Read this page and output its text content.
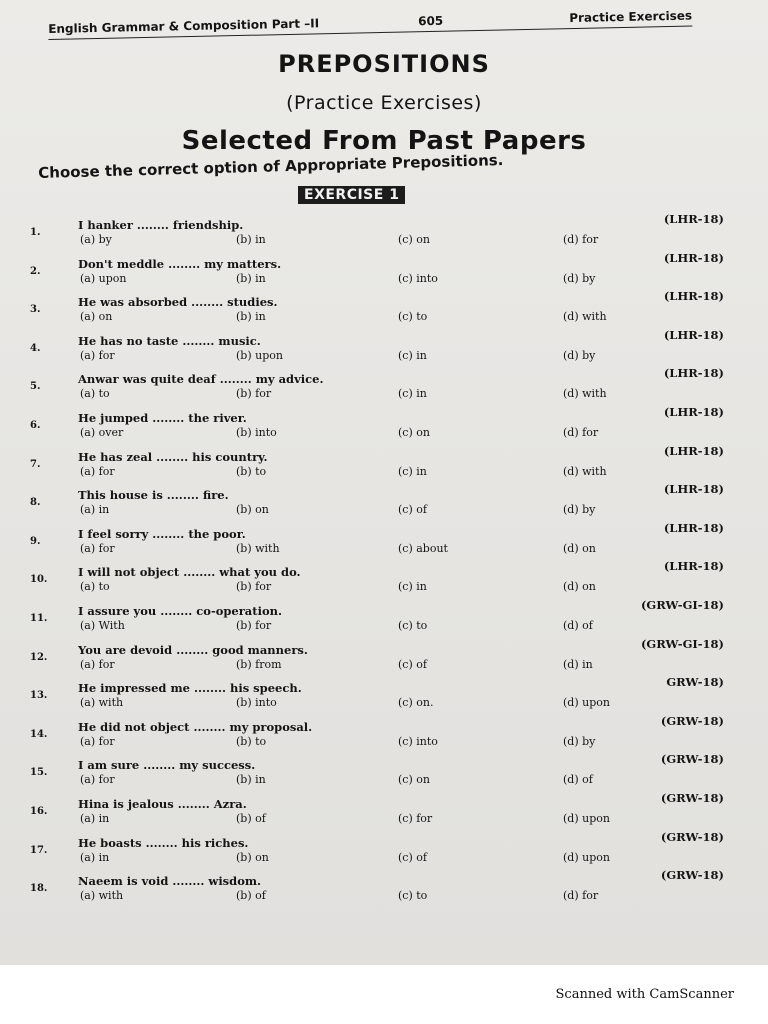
English Grammar & Composition Part –II	605	Practice Exercises
PREPOSITIONS
(Practice Exercises)
Selected From Past Papers
Choose the correct option of Appropriate Prepositions.
EXERCISE 1
1.
I hanker ........ friendship.
(a) by	(b) in	(c) on	(d) for
(LHR-18)
2.
Don't meddle ........ my matters.
(a) upon	(b) in	(c) into	(d) by
(LHR-18)
3.
He was absorbed ........ studies.
(a) on	(b) in	(c) to	(d) with
(LHR-18)
4.
He has no taste ........ music.
(a) for	(b) upon	(c) in	(d) by
(LHR-18)
5.
Anwar was quite deaf ........ my advice.
(a) to	(b) for	(c) in	(d) with
(LHR-18)
6.
He jumped ........ the river.
(a) over	(b) into	(c) on	(d) for
(LHR-18)
7.
He has zeal ........ his country.
(a) for	(b) to	(c) in	(d) with
(LHR-18)
8.
This house is ........ fire.
(a) in	(b) on	(c) of	(d) by
(LHR-18)
9.
I feel sorry ........ the poor.
(a) for	(b) with	(c) about	(d) on
(LHR-18)
10.
I will not object ........ what you do.
(a) to	(b) for	(c) in	(d) on
(LHR-18)
11.
I assure you ........ co-operation.
(a) With	(b) for	(c) to	(d) of
(GRW-GI-18)
12.
You are devoid ........ good manners.
(a) for	(b) from	(c) of	(d) in
(GRW-GI-18)
13.
He impressed me ........ his speech.
(a) with	(b) into	(c) on.	(d) upon
GRW-18)
14.
He did not object ........ my proposal.
(a) for	(b) to	(c) into	(d) by
(GRW-18)
15.
I am sure ........ my success.
(a) for	(b) in	(c) on	(d) of
(GRW-18)
16.
Hina is jealous ........ Azra.
(a) in	(b) of	(c) for	(d) upon
(GRW-18)
17.
He boasts ........ his riches.
(a) in	(b) on	(c) of	(d) upon
(GRW-18)
18.
Naeem is void ........ wisdom.
(a) with	(b) of	(c) to	(d) for
(GRW-18)
Scanned with CamScanner
